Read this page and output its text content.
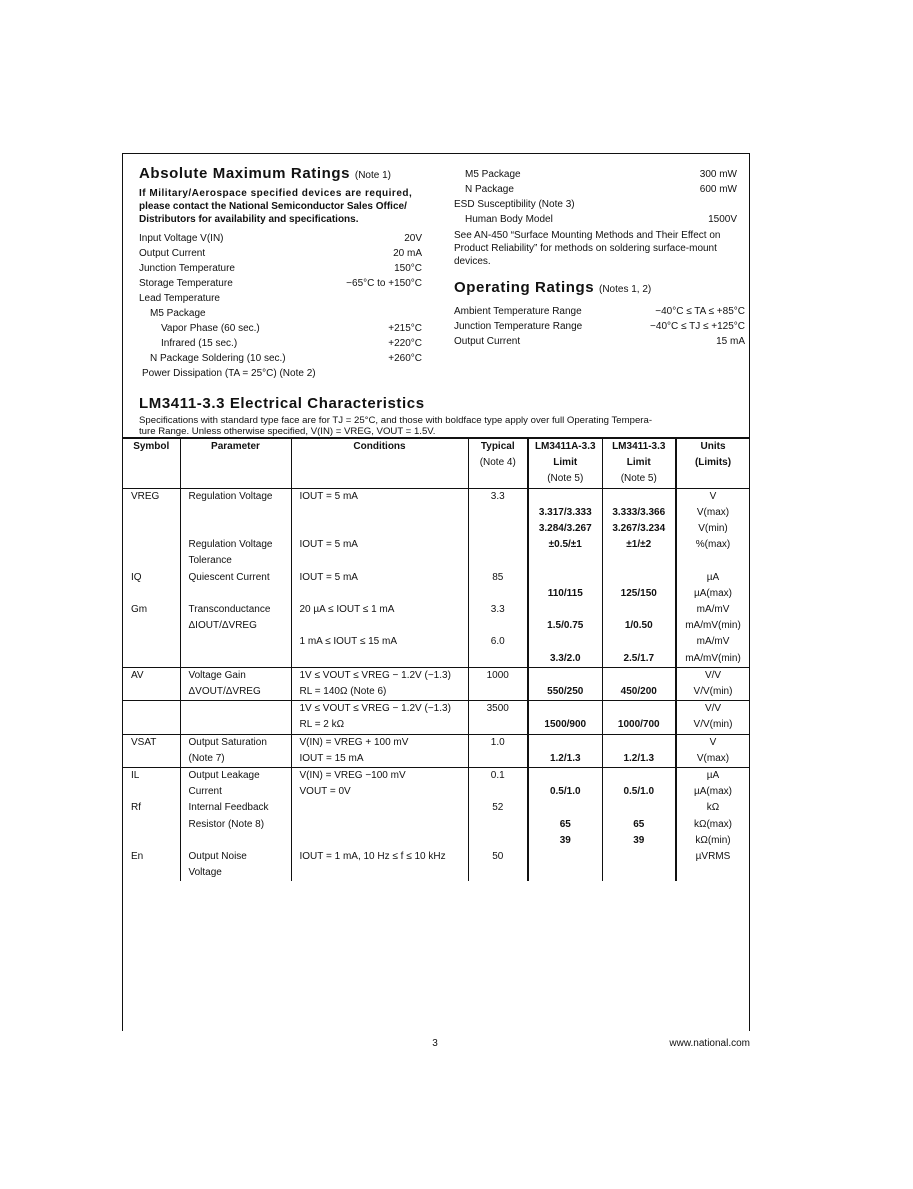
Absolute Maximum Ratings (Note 1)
If Military/Aerospace specified devices are required,
please contact the National Semiconductor Sales Office/
Distributors for availability and specifications.
Input Voltage V(IN)	20V
Output Current	20 mA
Junction Temperature	150°C
Storage Temperature	−65°C to +150°C
Lead Temperature
M5 Package
Vapor Phase (60 sec.)	+215°C
Infrared (15 sec.)	+220°C
N Package Soldering (10 sec.)	+260°C
Power Dissipation (TA = 25°C) (Note 2)
M5 Package	300 mW
N Package	600 mW
ESD Susceptibility (Note 3)
Human Body Model	1500V
See AN-450 “Surface Mounting Methods and Their Effect on
Product Reliability” for methods on soldering surface-mount
devices.
Operating Ratings (Notes 1, 2)
Ambient Temperature Range	−40°C ≤ TA ≤ +85°C
Junction Temperature Range	−40°C ≤ TJ ≤ +125°C
Output Current	15 mA
LM3411-3.3 Electrical Characteristics
Specifications with standard type face are for TJ = 25°C, and those with boldface type apply over full Operating Tempera-
ture Range. Unless otherwise specified, V(IN) = VREG, VOUT = 1.5V.
Symbol	Parameter	Conditions	Typical	LM3411A-3.3	LM3411-3.3	Units
			(Note 4)	Limit	Limit	(Limits)
				(Note 5)	(Note 5)	
VREG	Regulation Voltage	IOUT = 5 mA	3.3			V
				3.317/3.333	3.333/3.366	V(max)
				3.284/3.267	3.267/3.234	V(min)
	Regulation Voltage	IOUT = 5 mA		±0.5/±1	±1/±2	%(max)
	Tolerance					
IQ	Quiescent Current	IOUT = 5 mA	85			µA
				110/115	125/150	µA(max)
Gm	Transconductance	20 µA ≤ IOUT ≤ 1 mA	3.3			mA/mV
	ΔIOUT/ΔVREG			1.5/0.75	1/0.50	mA/mV(min)
		1 mA ≤ IOUT ≤ 15 mA	6.0			mA/mV
				3.3/2.0	2.5/1.7	mA/mV(min)
AV	Voltage Gain	1V ≤ VOUT ≤ VREG − 1.2V (−1.3)	1000			V/V
	ΔVOUT/ΔVREG	RL = 140Ω (Note 6)		550/250	450/200	V/V(min)
		1V ≤ VOUT ≤ VREG − 1.2V (−1.3)	3500			V/V
		RL = 2 kΩ		1500/900	1000/700	V/V(min)
VSAT	Output Saturation	V(IN) = VREG + 100 mV	1.0			V
	(Note 7)	IOUT = 15 mA		1.2/1.3	1.2/1.3	V(max)
IL	Output Leakage	V(IN) = VREG −100 mV	0.1			µA
	Current	VOUT = 0V		0.5/1.0	0.5/1.0	µA(max)
Rf	Internal Feedback		52			kΩ
	Resistor (Note 8)			65	65	kΩ(max)
				39	39	kΩ(min)
En	Output Noise	IOUT = 1 mA, 10 Hz ≤ f ≤ 10 kHz	50			µVRMS
	Voltage					
3	www.national.com
